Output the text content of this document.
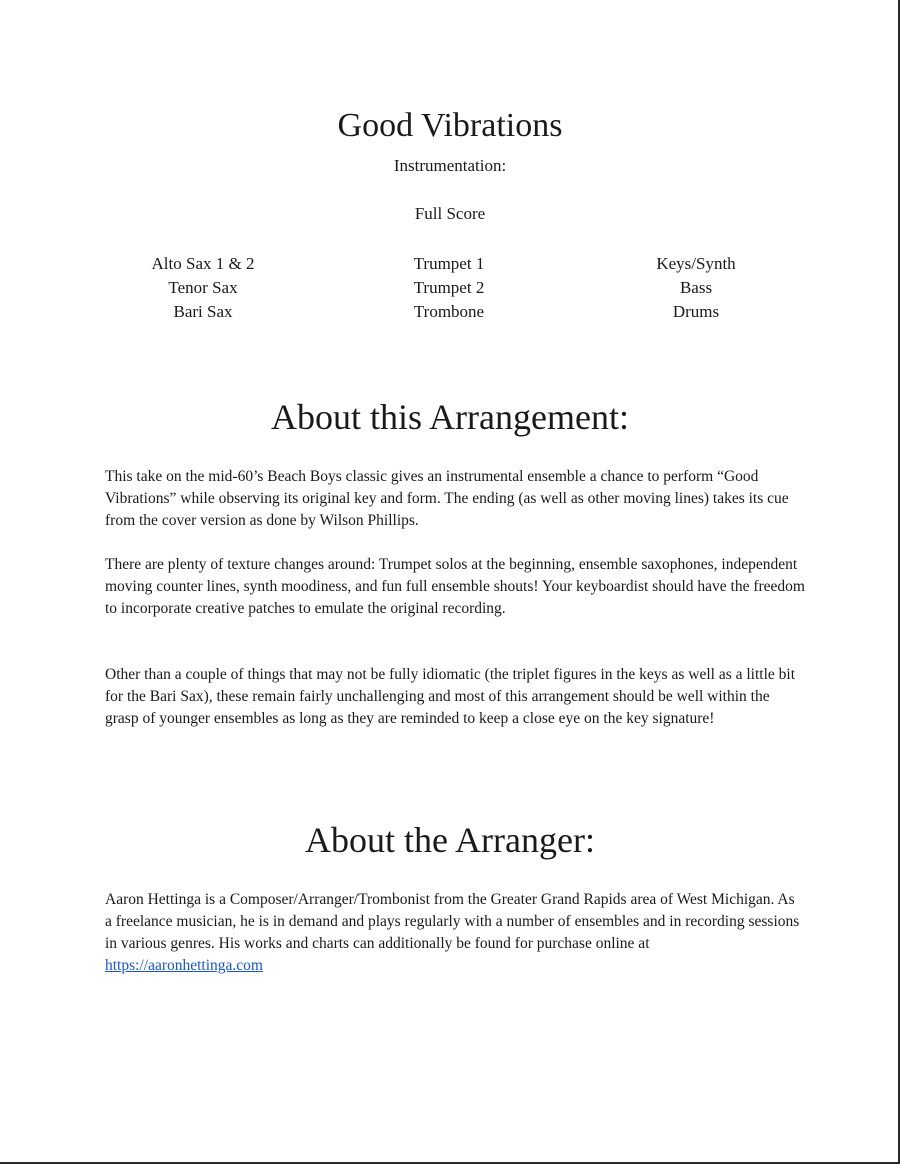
Good Vibrations
Instrumentation:
Full Score
Alto Sax 1 & 2
Tenor Sax
Bari Sax
Trumpet 1
Trumpet 2
Trombone
Keys/Synth
Bass
Drums
About this Arrangement:

This take on the mid-60’s Beach Boys classic gives an instrumental ensemble a chance to perform “Good Vibrations” while observing its original key and form. The ending (as well as other moving lines) takes its cue from the cover version as done by Wilson Phillips.

There are plenty of texture changes around: Trumpet solos at the beginning, ensemble saxophones, independent moving counter lines, synth moodiness, and fun full ensemble shouts! Your keyboardist should have the freedom to incorporate creative patches to emulate the original recording.

Other than a couple of things that may not be fully idiomatic (the triplet figures in the keys as well as a little bit for the Bari Sax), these remain fairly unchallenging and most of this arrangement should be well within the grasp of younger ensembles as long as they are reminded to keep a close eye on the key signature!

About the Arranger:

Aaron Hettinga is a Composer/Arranger/Trombonist from the Greater Grand Rapids area of West Michigan. As a freelance musician, he is in demand and plays regularly with a number of ensembles and in recording sessions in various genres. His works and charts can additionally be found for purchase online at https://aaronhettinga.com
